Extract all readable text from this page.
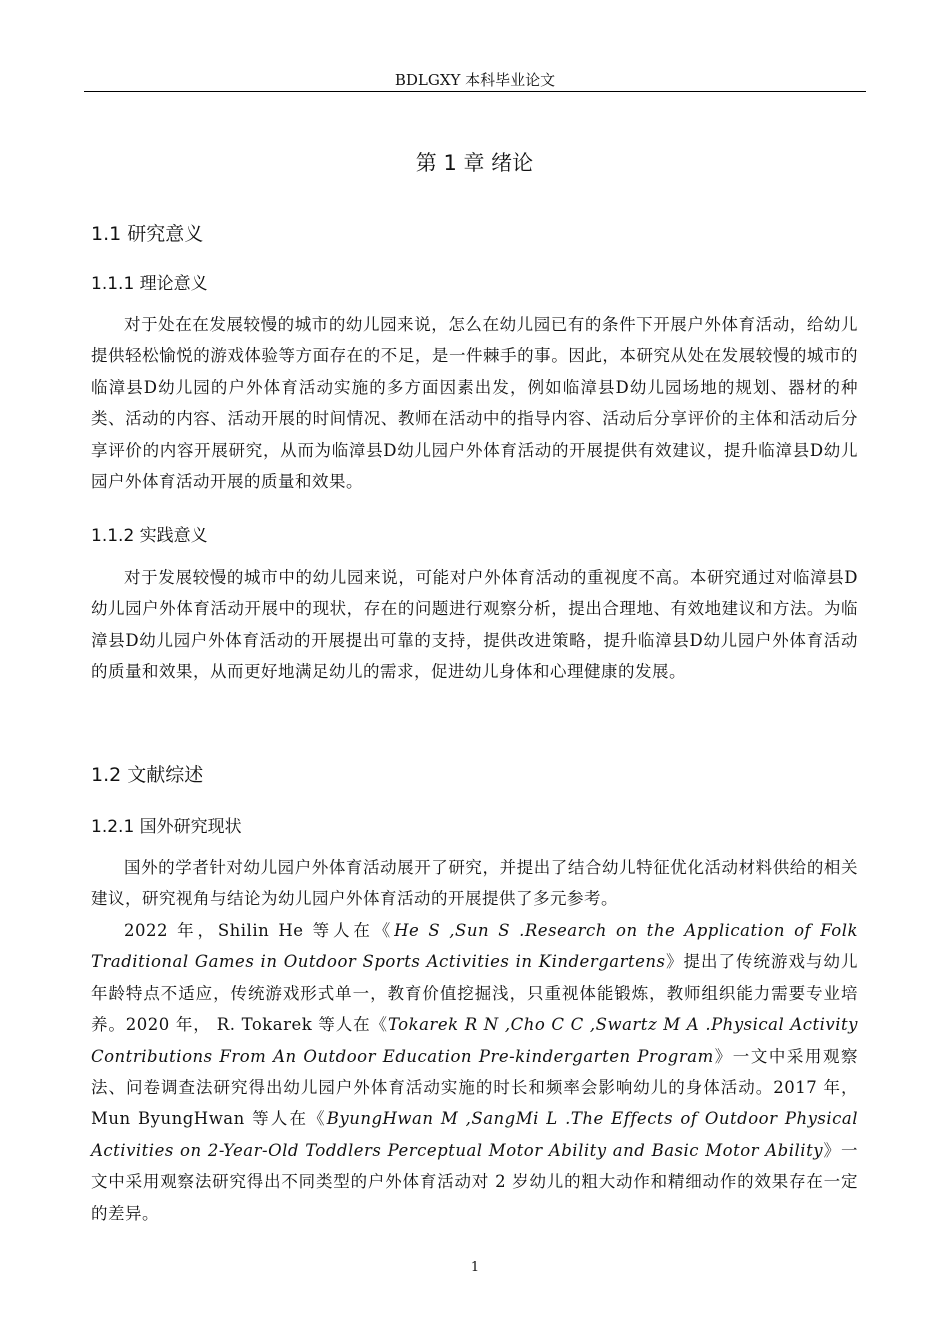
BDLGXY 本科毕业论文
第 1 章 绪论
1.1 研究意义
1.1.1 理论意义

对于处在在发展较慢的城市的幼儿园来说，怎么在幼儿园已有的条件下开展户外体育活动，给幼儿提供轻松愉悦的游戏体验等方面存在的不足，是一件棘手的事。因此，本研究从处在发展较慢的城市的临漳县D幼儿园的户外体育活动实施的多方面因素出发，例如临漳县D幼儿园场地的规划、器材的种类、活动的内容、活动开展的时间情况、教师在活动中的指导内容、活动后分享评价的主体和活动后分享评价的内容开展研究，从而为临漳县D幼儿园户外体育活动的开展提供有效建议，提升临漳县D幼儿园户外体育活动开展的质量和效果。

1.1.2 实践意义

对于发展较慢的城市中的幼儿园来说，可能对户外体育活动的重视度不高。本研究通过对临漳县D幼儿园户外体育活动开展中的现状，存在的问题进行观察分析，提出合理地、有效地建议和方法。为临漳县D幼儿园户外体育活动的开展提出可靠的支持，提供改进策略，提升临漳县D幼儿园户外体育活动的质量和效果，从而更好地满足幼儿的需求，促进幼儿身体和心理健康的发展。

1.2 文献综述
1.2.1 国外研究现状

国外的学者针对幼儿园户外体育活动展开了研究，并提出了结合幼儿特征优化活动材料供给的相关建议，研究视角与结论为幼儿园户外体育活动的开展提供了多元参考。

2022 年，Shilin He 等人在《He S ,Sun S .Research on the Application of Folk Traditional Games in Outdoor Sports Activities in Kindergartens》提出了传统游戏与幼儿年龄特点不适应，传统游戏形式单一，教育价值挖掘浅，只重视体能锻炼，教师组织能力需要专业培养。2020 年， R. Tokarek 等人在《Tokarek R N ,Cho C C ,Swartz M A .Physical Activity Contributions From An Outdoor Education Pre-kindergarten Program》一文中采用观察法、问卷调查法研究得出幼儿园户外体育活动实施的时长和频率会影响幼儿的身体活动。2017 年，Mun ByungHwan 等人在《ByungHwan M ,SangMi L .The Effects of Outdoor Physical Activities on 2-Year-Old Toddlers Perceptual Motor Ability and Basic Motor Ability》一文中采用观察法研究得出不同类型的户外体育活动对 2 岁幼儿的粗大动作和精细动作的效果存在一定的差异。

1
